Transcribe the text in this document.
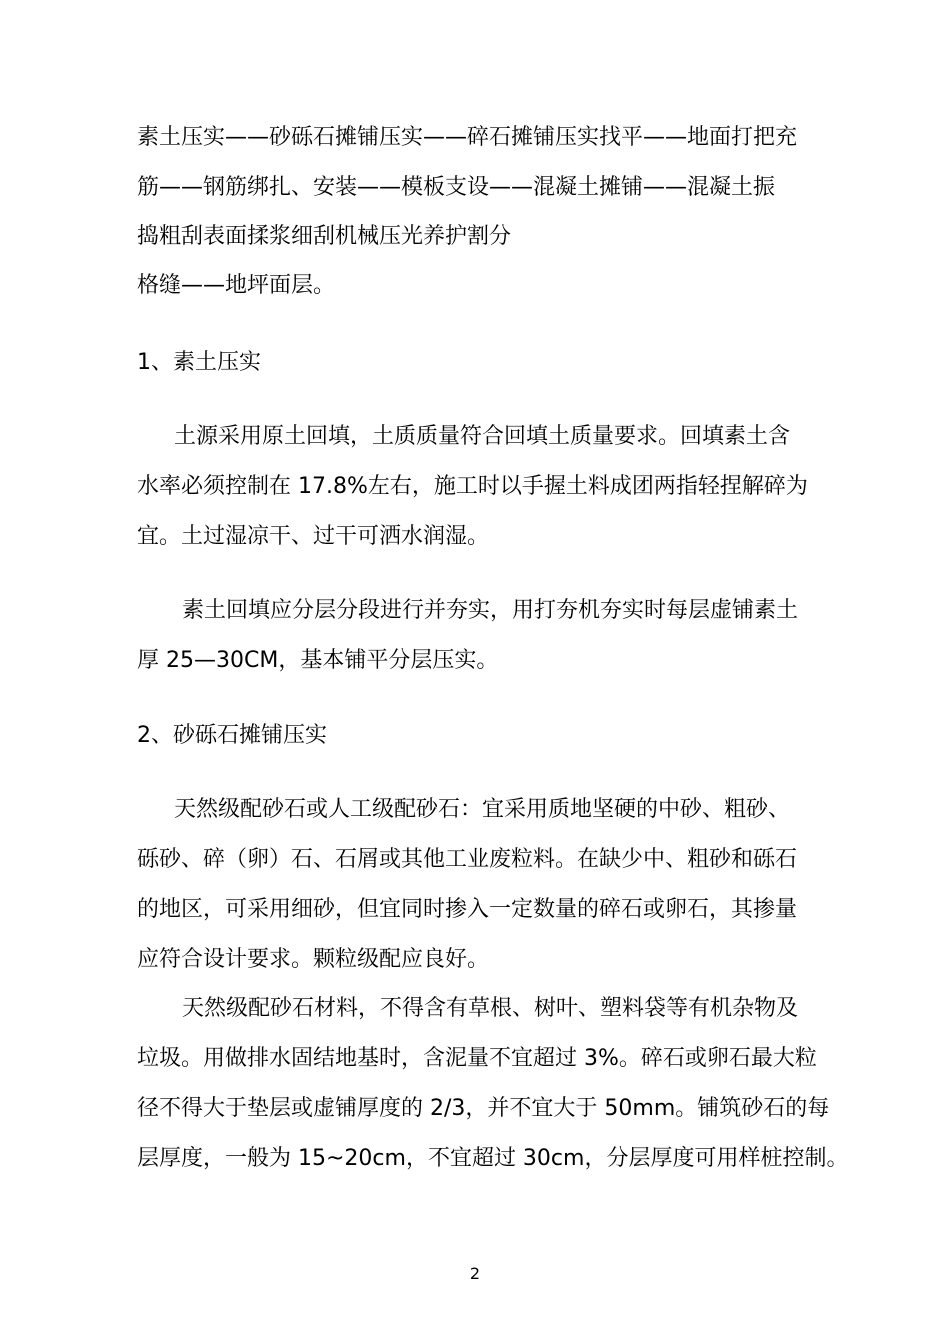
素土压实——砂砾石摊铺压实——碎石摊铺压实找平——地面打把充
筋——钢筋绑扎、安装——模板支设——混凝土摊铺——混凝土振
捣粗刮表面揉浆细刮机械压光养护割分
格缝——地坪面层。
1、素土压实
土源采用原土回填，土质质量符合回填土质量要求。回填素土含
水率必须控制在 17.8%左右，施工时以手握土料成团两指轻捏解碎为
宜。土过湿凉干、过干可洒水润湿。
素土回填应分层分段进行并夯实，用打夯机夯实时每层虚铺素土
厚 25—30CM，基本铺平分层压实。
2、砂砾石摊铺压实
天然级配砂石或人工级配砂石：宜采用质地坚硬的中砂、粗砂、
砾砂、碎（卵）石、石屑或其他工业废粒料。在缺少中、粗砂和砾石
的地区，可采用细砂，但宜同时掺入一定数量的碎石或卵石，其掺量
应符合设计要求。颗粒级配应良好。
天然级配砂石材料，不得含有草根、树叶、塑料袋等有机杂物及
垃圾。用做排水固结地基时，含泥量不宜超过 3%。碎石或卵石最大粒
径不得大于垫层或虚铺厚度的 2/3，并不宜大于 50mm。铺筑砂石的每
层厚度，一般为 15~20cm，不宜超过 30cm，分层厚度可用样桩控制。
2
